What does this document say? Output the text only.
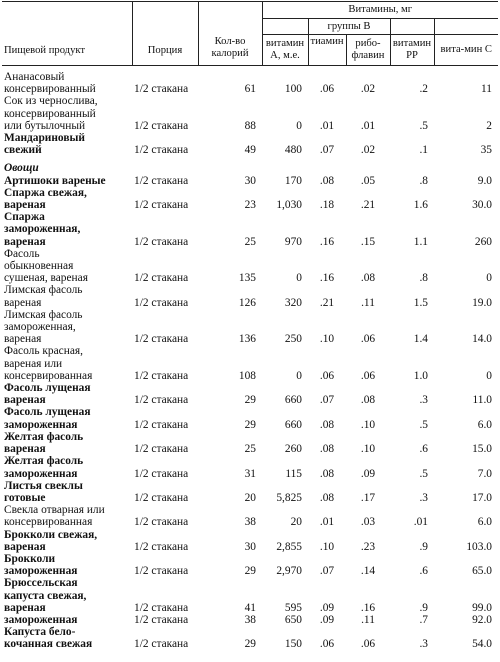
Пищевой продукт	Порция	Кол-во калорий	Витамины, мг				
				группы В			
			витамин А, м.е.	тиамин	рибо-флавин	витамин РР	вита-мин С
Ананасовый
консервированный	1/2 стакана	61	100	.06	.02	.2	11
Сок из чернослива,
консервированный
или бутылочный	1/2 стакана	88	0	.01	.01	.5	2
Мандариновый
свежий	1/2 стакана	49	480	.07	.02	.1	35
Овощи							
Артишоки вареные	1/2 стакана	30	170	.08	.05	.8	9.0
Спаржа свежая,
вареная	1/2 стакана	23	1,030	.18	.21	1.6	30.0
Спаржа
замороженная,
вареная	1/2 стакана	25	970	.16	.15	1.1	260
Фасоль
обыкновенная
сушеная, вареная	1/2 стакана	135	0	.16	.08	.8	0
Лимская фасоль
вареная	1/2 стакана	126	320	.21	.11	1.5	19.0
Лимская фасоль
замороженная,
вареная	1/2 стакана	136	250	.10	.06	1.4	14.0
Фасоль красная,
вареная или
консервированная	1/2 стакана	108	0	.06	.06	1.0	0
Фасоль лущеная
вареная	1/2 стакана	29	660	.07	.08	.3	11.0
Фасоль лущеная
замороженная	1/2 стакана	29	660	.08	.10	.5	6.0
Желтая фасоль
вареная	1/2 стакана	25	260	.08	.10	.6	15.0
Желтая фасоль
замороженная	1/2 стакана	31	115	.08	.09	.5	7.0
Листья свеклы
готовые	1/2 стакана	20	5,825	.08	.17	.3	17.0
Свекла отварная или
консервированная	1/2 стакана	38	20	.01	.03	.01	6.0
Брокколи свежая,
вареная	1/2 стакана	30	2,855	.10	.23	.9	103.0
Брокколи
замороженная	1/2 стакана	29	2,970	.07	.14	.6	65.0
Брюссельская
капуста свежая,
вареная	1/2 стакана	41	595	.09	.16	.9	99.0
замороженная	1/2 стакана	38	650	.09	.11	.7	92.0
Капуста бело-
кочанная свежая	1/2 стакана	29	150	.06	.06	.3	54.0
